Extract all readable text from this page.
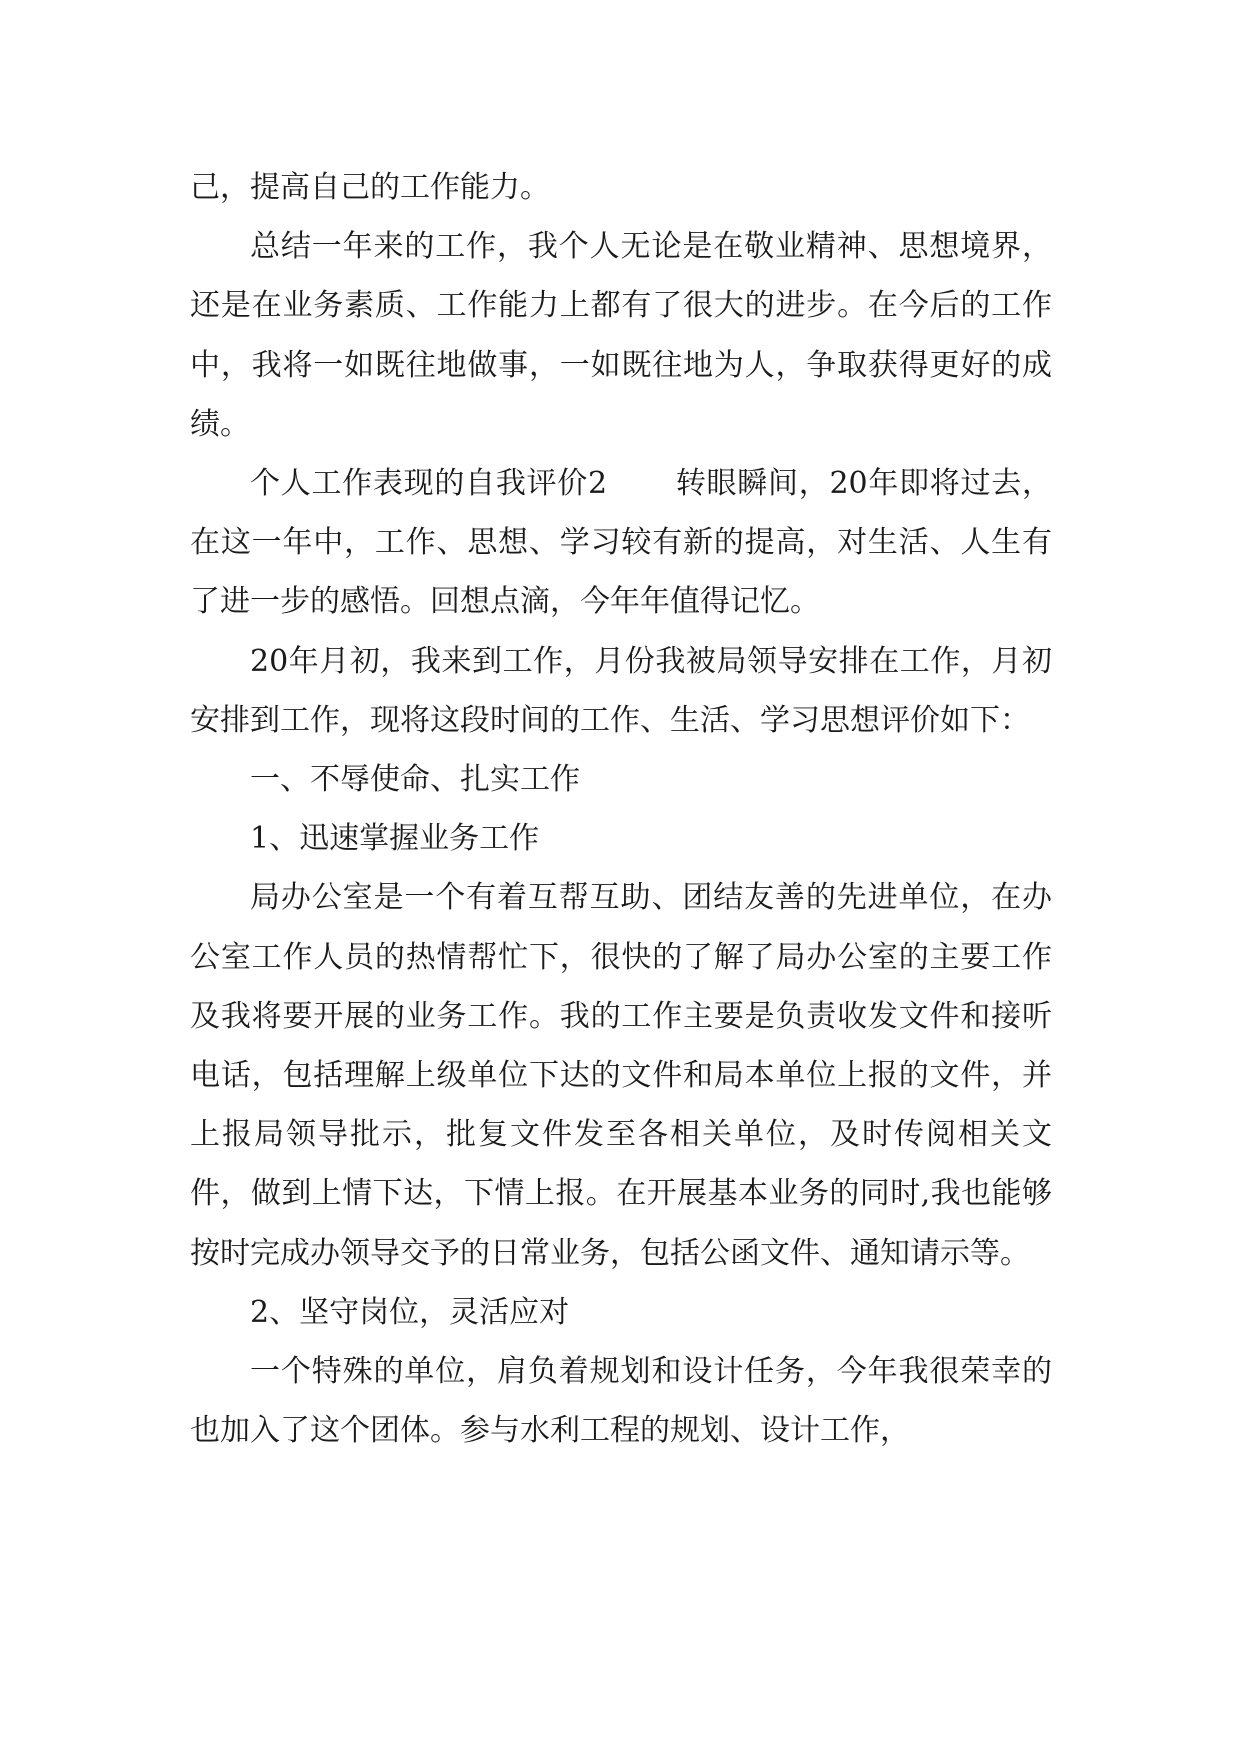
己，提高自己的工作能力。

总结一年来的工作，我个人无论是在敬业精神、思想境界，还是在业务素质、工作能力上都有了很大的进步。在今后的工作中，我将一如既往地做事，一如既往地为人，争取获得更好的成绩。

个人工作表现的自我评价2 转眼瞬间，20年即将过去，在这一年中，工作、思想、学习较有新的提高，对生活、人生有了进一步的感悟。回想点滴，今年年值得记忆。

20年月初，我来到工作，月份我被局领导安排在工作，月初安排到工作，现将这段时间的工作、生活、学习思想评价如下：

一、不辱使命、扎实工作

1、迅速掌握业务工作

局办公室是一个有着互帮互助、团结友善的先进单位，在办公室工作人员的热情帮忙下，很快的了解了局办公室的主要工作及我将要开展的业务工作。我的工作主要是负责收发文件和接听电话，包括理解上级单位下达的文件和局本单位上报的文件，并上报局领导批示，批复文件发至各相关单位，及时传阅相关文件，做到上情下达，下情上报。在开展基本业务的同时,我也能够按时完成办领导交予的日常业务，包括公函文件、通知请示等。

2、坚守岗位，灵活应对

一个特殊的单位，肩负着规划和设计任务，今年我很荣幸的也加入了这个团体。参与水利工程的规划、设计工作，
